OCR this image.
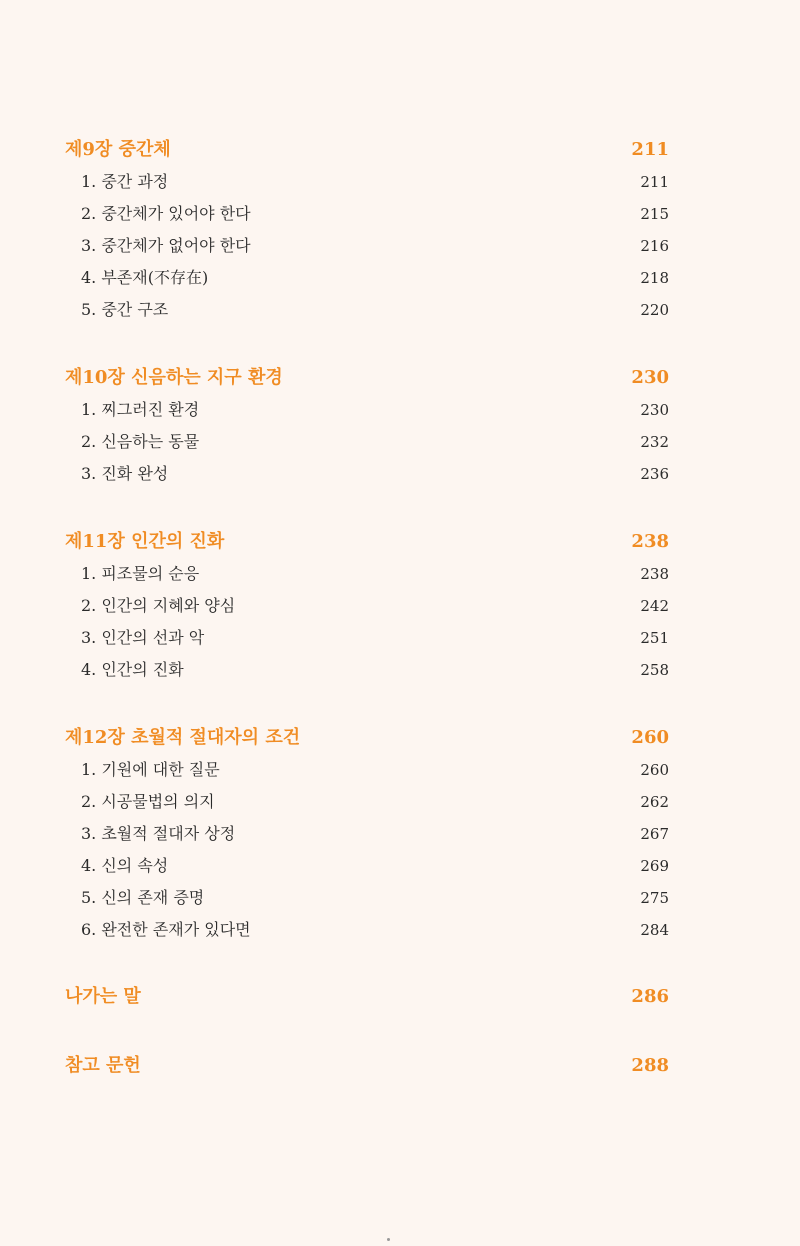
제9장 중간체	211
1. 중간 과정	211
2. 중간체가 있어야 한다	215
3. 중간체가 없어야 한다	216
4. 부존재(不存在)	218
5. 중간 구조	220
제10장 신음하는 지구 환경	230
1. 찌그러진 환경	230
2. 신음하는 동물	232
3. 진화 완성	236
제11장 인간의 진화	238
1. 피조물의 순응	238
2. 인간의 지혜와 양심	242
3. 인간의 선과 악	251
4. 인간의 진화	258
제12장 초월적 절대자의 조건	260
1. 기원에 대한 질문	260
2. 시공물법의 의지	262
3. 초월적 절대자 상정	267
4. 신의 속성	269
5. 신의 존재 증명	275
6. 완전한 존재가 있다면	284
나가는 말	286
참고 문헌	288
